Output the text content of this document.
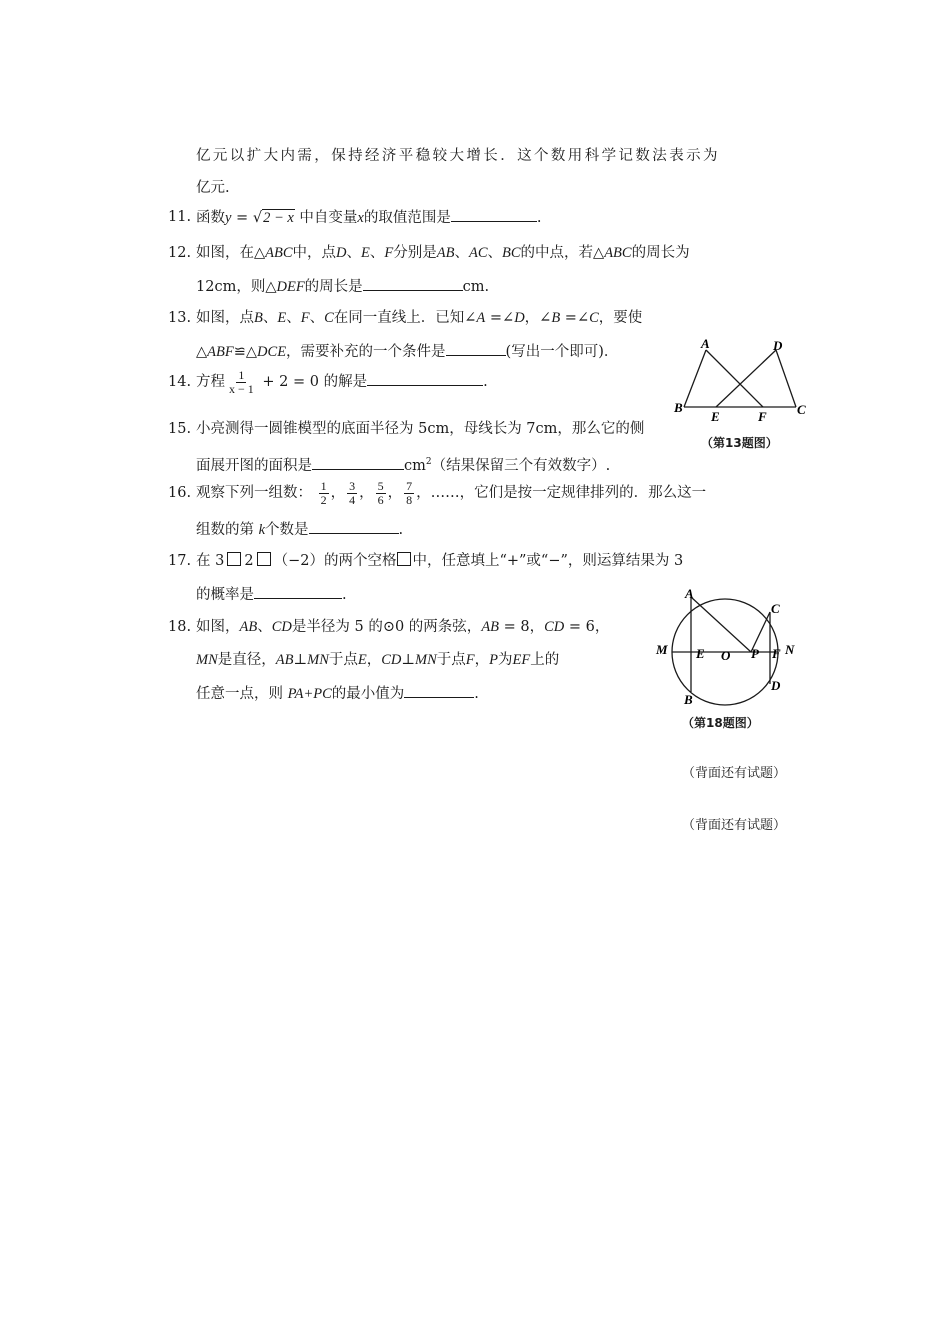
亿元以扩大内需，保持经济平稳较大增长．这个数用科学记数法表示为
亿元.
11. 函数y = √2 − x 中自变量x的取值范围是	.
12. 如图，在△ABC中，点D、E、F分别是AB、AC、BC的中点，若△ABC的周长为
12cm，则△DEF的周长是	cm.
13. 如图，点B、E、F、C在同一直线上．已知∠A =∠D，∠B =∠C，要使
△ABF≌△DCE，需要补充的一个条件是	(写出一个即可)．
14. 方程 $\frac{1}{x - 1} + 2 = 0$ 的解是	.
15. 小亮测得一圆锥模型的底面半径为 5cm，母线长为 7cm，那么它的侧
面展开图的面积是	$cm^2$（结果保留三个有效数字）.
16. 观察下列一组数： $\frac{1}{2}$ ， $\frac{3}{4}$ ， $\frac{5}{6}$ ， $\frac{7}{8}$ ，……，它们是按一定规律排列的．那么这一
组数的第 k个数是	.
17. 在 3 2 （−2）的两个空格 中，任意填上“+”或“−”，则运算结果为 3
的概率是	.
18. 如图，AB、CD是半径为 5 的⊙0 的两条弦，AB = 8，CD = 6，
MN是直径，AB⊥MN于点E，CD⊥MN于点F，P为EF上的
任意一点，则 PA+PC的最小值为	.
A	D
B
E	F C
（第13题图）
A
C
M E O P F N
D
B
（第18题图）
（背面还有试题）
（背面还有试题）
